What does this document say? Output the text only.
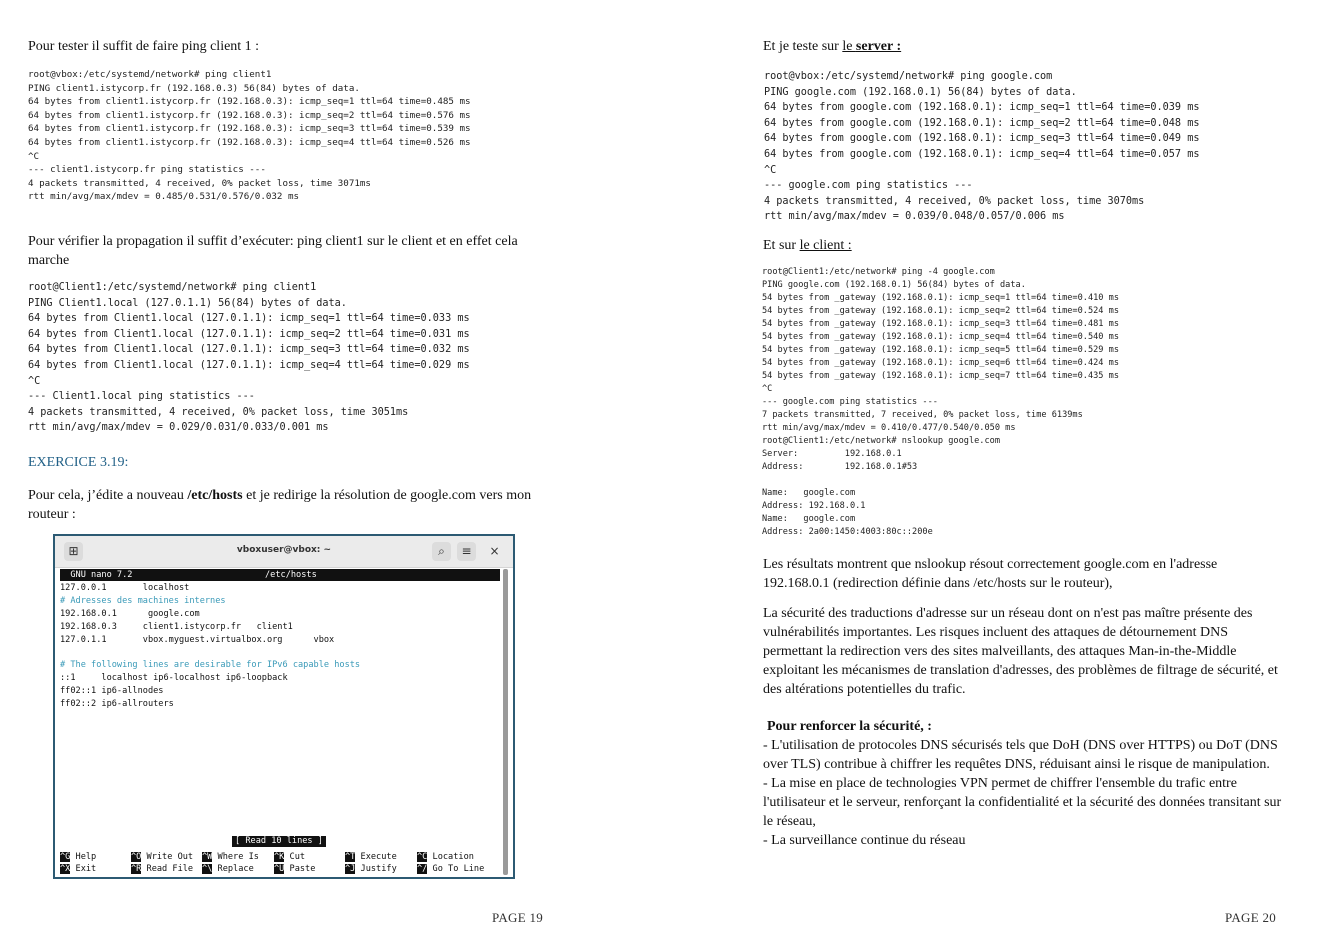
Pour tester il suffit de faire ping client 1 :

root@vbox:/etc/systemd/network# ping client1
PING client1.istycorp.fr (192.168.0.3) 56(84) bytes of data.
64 bytes from client1.istycorp.fr (192.168.0.3): icmp_seq=1 ttl=64 time=0.485 ms
64 bytes from client1.istycorp.fr (192.168.0.3): icmp_seq=2 ttl=64 time=0.576 ms
64 bytes from client1.istycorp.fr (192.168.0.3): icmp_seq=3 ttl=64 time=0.539 ms
64 bytes from client1.istycorp.fr (192.168.0.3): icmp_seq=4 ttl=64 time=0.526 ms
^C
--- client1.istycorp.fr ping statistics ---
4 packets transmitted, 4 received, 0% packet loss, time 3071ms
rtt min/avg/max/mdev = 0.485/0.531/0.576/0.032 ms

Pour vérifier la propagation il suffit d’exécuter: ping client1 sur le client et en effet cela marche

root@Client1:/etc/systemd/network# ping client1
PING Client1.local (127.0.1.1) 56(84) bytes of data.
64 bytes from Client1.local (127.0.1.1): icmp_seq=1 ttl=64 time=0.033 ms
64 bytes from Client1.local (127.0.1.1): icmp_seq=2 ttl=64 time=0.031 ms
64 bytes from Client1.local (127.0.1.1): icmp_seq=3 ttl=64 time=0.032 ms
64 bytes from Client1.local (127.0.1.1): icmp_seq=4 ttl=64 time=0.029 ms
^C
--- Client1.local ping statistics ---
4 packets transmitted, 4 received, 0% packet loss, time 3051ms
rtt min/avg/max/mdev = 0.029/0.031/0.033/0.001 ms

EXERCICE 3.19:

Pour cela, j’édite a nouveau /etc/hosts et je redirige la résolution de google.com vers mon routeur :

⊞	vboxuser@vbox: ~	⌕	≡	×
GNU nano 7.2	/etc/hosts
127.0.0.1       localhost
# Adresses des machines internes
192.168.0.1      google.com
192.168.0.3     client1.istycorp.fr   client1
127.0.1.1       vbox.myguest.virtualbox.org      vbox

# The following lines are desirable for IPv6 capable hosts
::1     localhost ip6-localhost ip6-loopback
ff02::1 ip6-allnodes
ff02::2 ip6-allrouters
[ Read 10 lines ]
^G Help	^O Write Out ^W Where Is ^K Cut	^T Execute ^C Location
^X Exit	^R Read File ^\ Replace ^U Paste	^J Justify ^/ Go To Line
PAGE 19

Et je teste sur le server :

root@vbox:/etc/systemd/network# ping google.com
PING google.com (192.168.0.1) 56(84) bytes of data.
64 bytes from google.com (192.168.0.1): icmp_seq=1 ttl=64 time=0.039 ms
64 bytes from google.com (192.168.0.1): icmp_seq=2 ttl=64 time=0.048 ms
64 bytes from google.com (192.168.0.1): icmp_seq=3 ttl=64 time=0.049 ms
64 bytes from google.com (192.168.0.1): icmp_seq=4 ttl=64 time=0.057 ms
^C
--- google.com ping statistics ---
4 packets transmitted, 4 received, 0% packet loss, time 3070ms
rtt min/avg/max/mdev = 0.039/0.048/0.057/0.006 ms

Et sur le client :

root@Client1:/etc/network# ping -4 google.com
PING google.com (192.168.0.1) 56(84) bytes of data.
54 bytes from _gateway (192.168.0.1): icmp_seq=1 ttl=64 time=0.410 ms
54 bytes from _gateway (192.168.0.1): icmp_seq=2 ttl=64 time=0.524 ms
54 bytes from _gateway (192.168.0.1): icmp_seq=3 ttl=64 time=0.481 ms
54 bytes from _gateway (192.168.0.1): icmp_seq=4 ttl=64 time=0.540 ms
54 bytes from _gateway (192.168.0.1): icmp_seq=5 ttl=64 time=0.529 ms
54 bytes from _gateway (192.168.0.1): icmp_seq=6 ttl=64 time=0.424 ms
54 bytes from _gateway (192.168.0.1): icmp_seq=7 ttl=64 time=0.435 ms
^C
--- google.com ping statistics ---
7 packets transmitted, 7 received, 0% packet loss, time 6139ms
rtt min/avg/max/mdev = 0.410/0.477/0.540/0.050 ms
root@Client1:/etc/network# nslookup google.com
Server:         192.168.0.1
Address:        192.168.0.1#53

Name:   google.com
Address: 192.168.0.1
Name:   google.com
Address: 2a00:1450:4003:80c::200e

Les résultats montrent que nslookup résout correctement google.com en l'adresse 192.168.0.1 (redirection définie dans /etc/hosts sur le routeur),

La sécurité des traductions d'adresse sur un réseau dont on n'est pas maître présente des vulnérabilités importantes. Les risques incluent des attaques de détournement DNS permettant la redirection vers des sites malveillants, des attaques Man-in-the-Middle exploitant les mécanismes de translation d'adresses, des problèmes de filtrage de sécurité, et des altérations potentielles du trafic.

Pour renforcer la sécurité, :

- L'utilisation de protocoles DNS sécurisés tels que DoH (DNS over HTTPS) ou DoT (DNS over TLS) contribue à chiffrer les requêtes DNS, réduisant ainsi le risque de manipulation.

- La mise en place de technologies VPN permet de chiffrer l'ensemble du trafic entre l'utilisateur et le serveur, renforçant la confidentialité et la sécurité des données transitant sur le réseau,

- La surveillance continue du réseau

PAGE 20
